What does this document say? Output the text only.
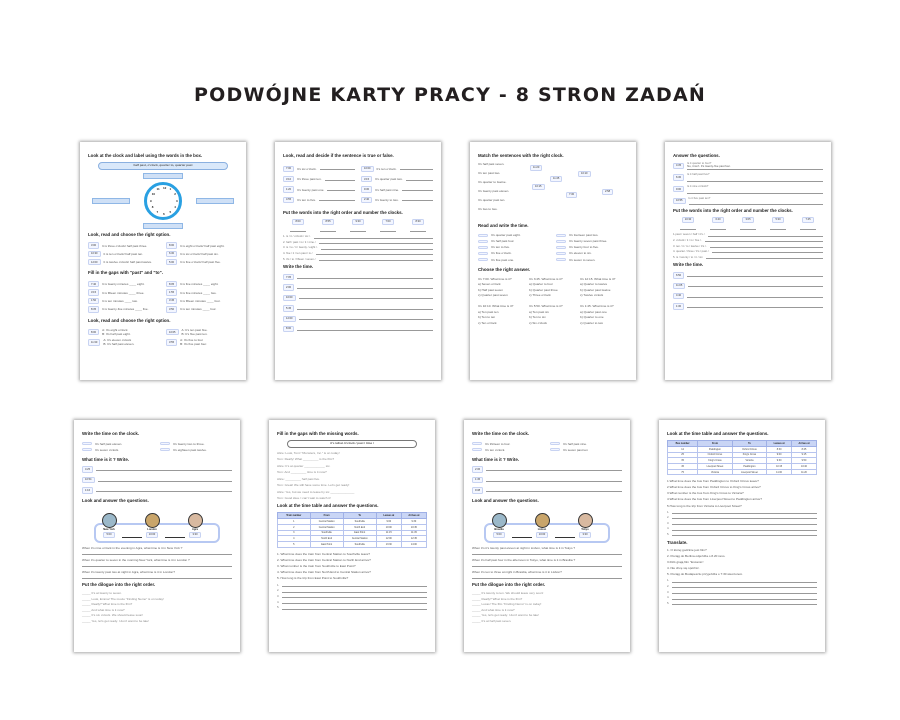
PODWÓJNE KARTY PRACY - 8 STRON ZADAŃ
Look at the clock and label using the words in the box.
half past, o'clock, quarter to, quarter past
1
2
3
4
5
6
7
8
9
10
11 12
Look, read and choose the right option.
3:00	It is three o'clock/ half past three.
10:30	It is ten o'clock/ half past ten.
12:00	It is twelve o'clock/ half past twelve.
8:00	It is eight o'clock/ half past eight.
6:30	It is six o'clock/ half past six.
5:00	It is five o'clock/ half past five.
Fill in the gaps with "past" and "to".
7:40	It is twenty minutes ____ eight.
3:15	It is fifteen minutes ____ three.
1:50	It is ten minutes ____ two.
8:35	It is twenty-five minutes ____ five.
8:05	It is five minutes ____ eight.
1:55	It is five minutes ____ two.
3:45	It is fifteen minutes ____ four.
3:50	It is ten minutes ____ four.
Look, read and choose the right option.
8:00	A: It's eight o'clock
B: It's half past eight.
11:30	A: It's eleven o'clock
B: It's half past eleven.
10:05	A: It's ten past five.
B: It's five past ten.
3:55	A: It's five to four
B: It's five past four.
Look, read and decide if the sentence is true or false.
7:00	It's six o'clock.
3:10	It's three past ten.
1:20	It's twenty past one.
4:55	It's ten to five.
10:00	It's ten o'clock.
3:15	It's quarter past two.
9:30	It's half past nine.
2:40	It's twenty to two.
Put the words into the right order and number the clocks.
8:00	8:55	9:30	7:00	8:30
1. is / it / o'clock / six /.
2. half / past / is / it / nine /.
3. is / to / it / twenty / eight /.
4. five / it / ten past / is /.
5. it's / to / fifteen / seven /.
Write the time.
7:05
2:00
10:00
5:45
12:00
8:00
Match the sentences with the right clock.
It's half past seven.
It's ten past two.
It's quarter to twelve.
It's twenty past eleven.
It's quarter past ten.
It's two to two.
11:20
10:10
11:45
10:15
2:58
7:30
Read and write the time.
It's quarter past eight.
It's half past four.
It's ten to five.
It's five o'clock.
It's five past one.
It's fourteen past two.
It's twenty seven past three.
It's twenty four to five.
It's eleven to six.
It's seven to seven.
Choose the right answer.
It's 7:00. What time is it?
a) Seven o'clock
b) Half past seven
c) Quarter past seven
It's 3:45. What time is it?
a) Quarter to four
b) Quarter past three
c) Three o'clock
It's 12:15. What time is it?
a) Quarter to twelve
b) Quarter past twelve
c) Twelve o'clock
It's 10:10. What time is it?
a) Ten past ten
b) Ten to ten
c) Ten o'clock
It's 5:50. What time is it?
a) Ten past six
b) Ten to six
c) Six o'clock
It's 1:45. What time is it?
a) Quarter past one
b) Quarter to one
c) Quarter to two
Answer the questions.
4:35
Is it quarter to four?
No, it isn't. It's twenty-five past four.
6:30
Is it half past five?
9:00
Is it nine o'clock?
10:55
Is it five past ten?
Put the words into the right order and number the clocks.
10:30	6:40	3:05	5:30	7:45
1.past / seven / half / it's /.
2. o'clock / it / is / five /.
3. ten / it / to / twelve / it's /.
4. quarter / three / it's / past /.
5. is / twenty / to / it / six
Write the time.
6:50
11:05
4:40
1:30
Write the time on the clock.
It's half past eleven.
It's seven o'clock.
It's twenty two to three.
It's eighteen past twelve.
What time is it ? Write.
4:25
10:54
1:16
Look and answer the questions.
New York
5:00
London
10:00
Agra
3:30
When it's nine o'clock in the evening in Agra, what time is it in New York ?
When it's quarter to seven in the morning New York, what time is it in London ?
When it's twenty past two at night in Agra, what time is it in London?
Put the dilogue into the right order.
_____ It's at twenty to seven.
_____ Look, Emma! The movie "Finding Nemo" is on today!
_____ Really? What time is the film?
_____ And what time is it now?
_____ It's six o'clock. We should leave soon!
_____ Yes, let's get ready. I don't want to be late!
Fill in the gaps with the missing words.
it's /what /o'clock / past / time /
Alice: Look, Tom! "Monsters, Inc." is on today!
Tom: Really! What _________ is the film?
Alice: It's at quarter ____________ six.
Tom: And _________ time is it now?
Alice: _________ half past five.
Tom: Great! We still have some time. Let's get ready!
Alice: Yes, but we need to leave by six ______________
Tom: Good idea. I can't wait to watch it!
Look at the time table and answer the questions.
Train number	From	To	Leaves at	Arrives at
1	Central Station	Southville	9:00	9:30
2	Central Station	North End	10:00	10:45
3	Southville	East Point	11:15	11:45
4	North End	Central Station	12:00	12:45
5	East Point	Southville	13:30	14:00
1. What time does the train from Central Station to Southville leave?
2. What time does the train from Central Station to North End arrive?
3. What number is the train from Southville to East Point?
4. What time does the train from North End to Central Station arrive?
5. How long is the trip from East Point to Southville?
1.
2.
3.
4.
5.
Write the time on the clock.
It's thirteen to four.
It's ten o'clock.
It's half past nine.
It's seven past ten
What time is it ? Write.
2:36
1:45
9:38
Look and answer the questions.
Brasilia
5:00
Lisbon
10:00
Tokyo
3:30
When it's it's twenty past eleven at night in Lisbon, what time is it in Tokyo ?
When it's half past four in the afternoon in Tokyo, what time is it in Brasilia ?
When it's ten to three at night in Brasilia, what time is it in Lisbon?
Put the dilogue into the right order.
_____ It's twenty to ten. We should leave very soon!
_____ Really? What time is the film?
_____ Lucas! The film "Finding Nemo" is on today!
_____ And what time is it now?
_____ Yes, let's get ready. I don't want to be late!
_____ It's at half past seven.
Look at the time table and answer the questions.
Bus number	From	To	Leaves at	Arrives at
12	Paddington	Oxford Circus	8:30	8:45
25	Oxford Circus	King's Cross	9:00	9:15
35	King's Cross	Victoria	9:30	9:50
45	Liverpool Street	Paddington	10:15	10:40
75	Victoria	Liverpool Street	11:00	11:20
1.What time does the bus from Paddington to Oxford Circus leave?
2.What time does the bus from Oxford Circus to King's Cross arrive?
3.What number is the bus from King's Cross to Victoria?
4.What time does the bus from Liverpool Street to Paddington arrive?
5.How long is the trip from Victoria to Liverpool Street?
1.
2.
3.
4.
5.
Translate.
1. O której godzinie jest film?
2. Pociąg do Berlina odjeżdża o 8.20 rano.
3.Dziś grają film "Encanto".
4. Nie chcę się spóźnić.
5. Pociąg do Budapesztu przyjeżdża o 7:30 wieczorem.
1.
2.
3.
4.
5.
